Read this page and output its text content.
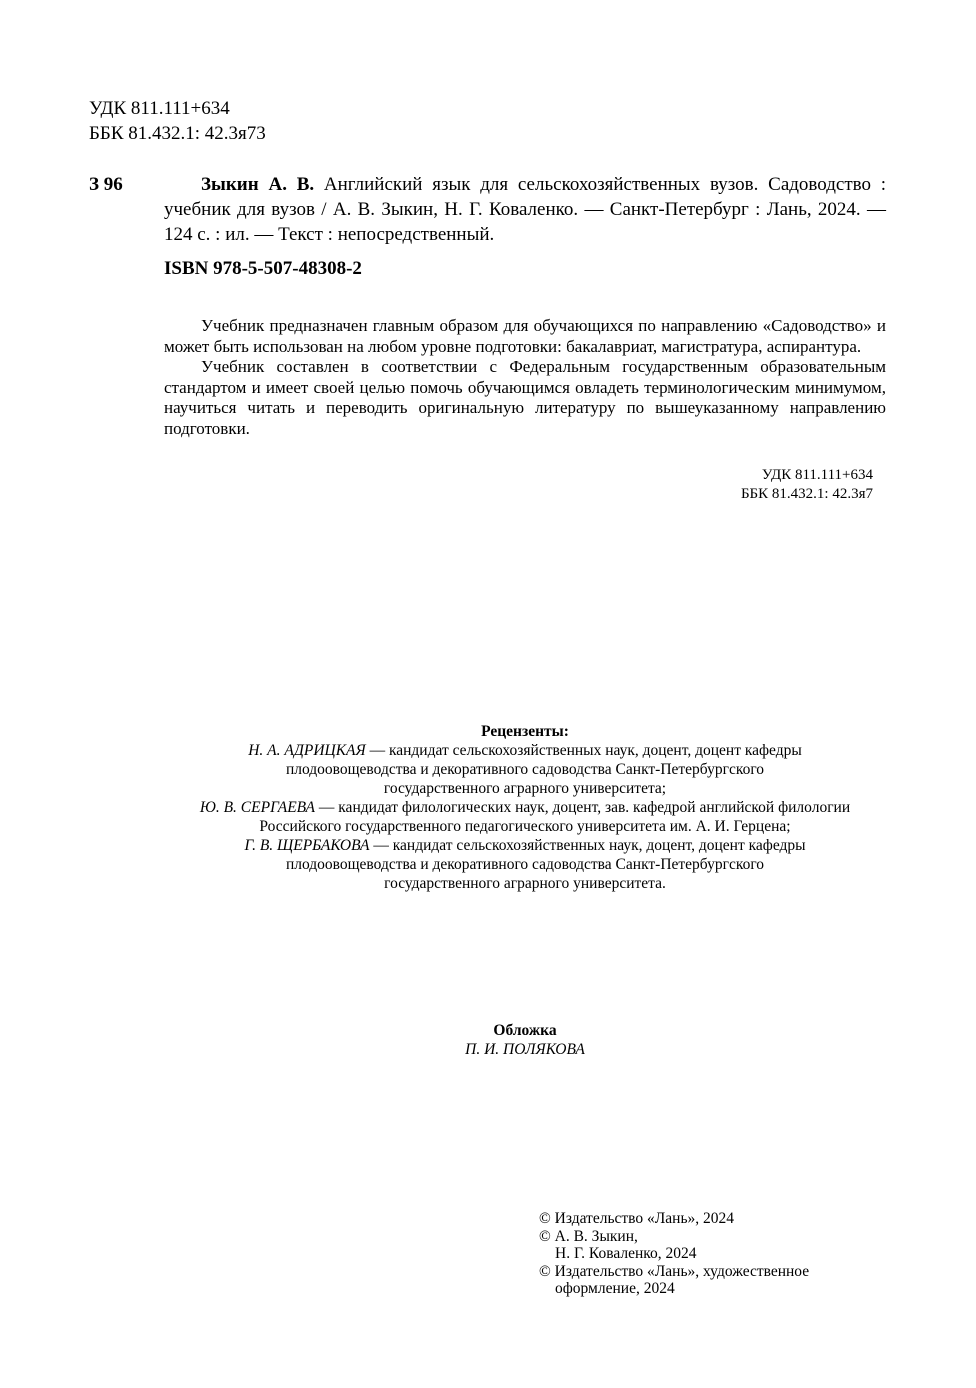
УДК 811.111+634
ББК 81.432.1: 42.3я73
З 96	Зыкин А. В. Английский язык для сельскохозяйственных вузов. Садоводство : учебник для вузов / А. В. Зыкин, Н. Г. Коваленко. — Санкт-Петербург : Лань, 2024. — 124 с. : ил. — Текст : непосредственный.
ISBN 978-5-507-48308-2

Учебник предназначен главным образом для обучающихся по направлению «Садоводство» и может быть использован на любом уровне подготовки: бакалавриат, магистратура, аспирантура.

Учебник составлен в соответствии с Федеральным государственным образовательным стандартом и имеет своей целью помочь обучающимся овладеть терминологическим минимумом, научиться читать и переводить оригинальную литературу по вышеуказанному направлению подготовки.

УДК 811.111+634
ББК 81.432.1: 42.3я7
Рецензенты:
Н. А. АДРИЦКАЯ — кандидат сельскохозяйственных наук, доцент, доцент кафедры
плодоовощеводства и декоративного садоводства Санкт-Петербургского
государственного аграрного университета;
Ю. В. СЕРГАЕВА — кандидат филологических наук, доцент, зав. кафедрой английской филологии
Российского государственного педагогического университета им. А. И. Герцена;
Г. В. ЩЕРБАКОВА — кандидат сельскохозяйственных наук, доцент, доцент кафедры
плодоовощеводства и декоративного садоводства Санкт-Петербургского
государственного аграрного университета.
Обложка
П. И. ПОЛЯКОВА
© Издательство «Лань», 2024
© А. В. Зыкин,
Н. Г. Коваленко, 2024
© Издательство «Лань», художественное
оформление, 2024
